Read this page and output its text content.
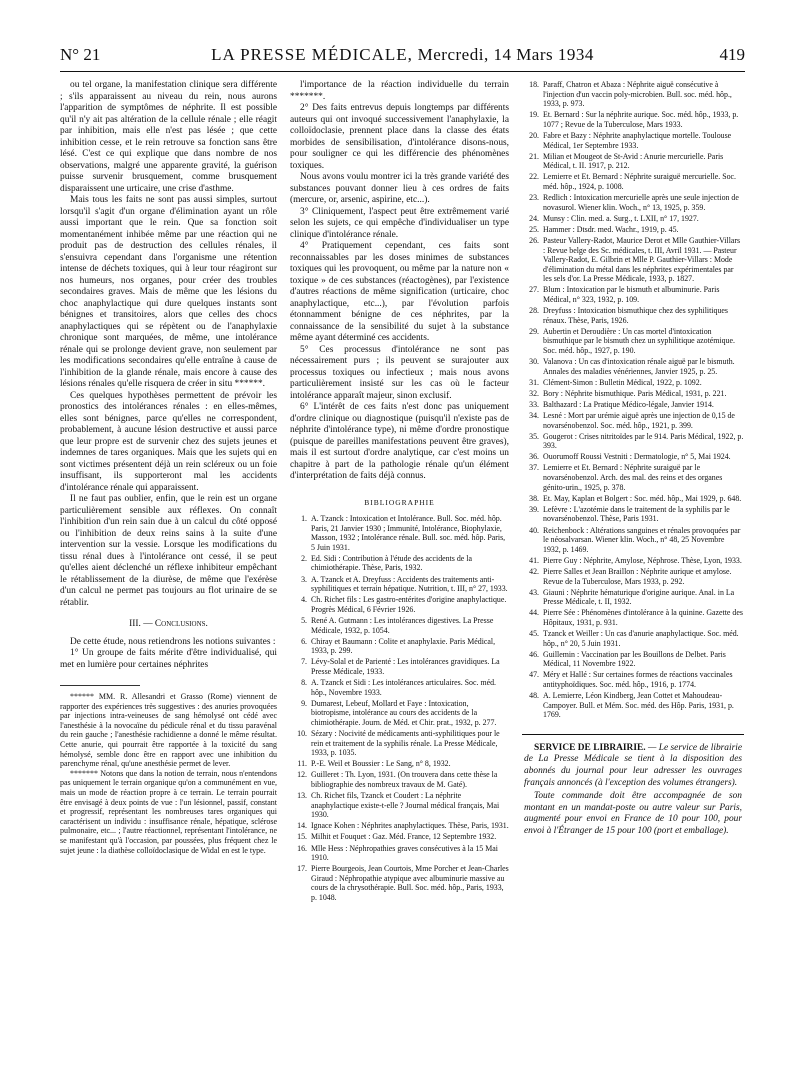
N° 21	LA PRESSE MÉDICALE, Mercredi, 14 Mars 1934	419

ou tel organe, la manifestation clinique sera différente ; s'ils apparaissent au niveau du rein, nous aurons l'apparition de symptômes de néphrite. Il est possible qu'il n'y ait pas altération de la cellule rénale ; elle réagit par inhibition, mais elle n'est pas lésée ; que cette inhibition cesse, et le rein retrouve sa fonction sans être lésé. C'est ce qui explique que dans nombre de nos observations, malgré une apparente gravité, la guérison puisse survenir brusquement, comme brusquement disparaissent une urticaire, une crise d'asthme.

Mais tous les faits ne sont pas aussi simples, surtout lorsqu'il s'agit d'un organe d'élimination ayant un rôle aussi important que le rein. Que sa fonction soit momentanément inhibée même par une réaction qui ne produit pas de destruction des cellules rénales, il s'ensuivra cependant dans l'organisme une rétention intense de déchets toxiques, qui à leur tour réagiront sur nos humeurs, nos organes, pour créer des troubles secondaires graves. Mais de même que les lésions du choc anaphylactique qui dure quelques instants sont bénignes et transitoires, alors que celles des chocs anaphylactiques qui se répètent ou de l'anaphylaxie chronique sont marquées, de même, une intolérance rénale qui se prolonge devient grave, non seulement par les modifications secondaires qu'elle entraîne à cause de l'inhibition de la glande rénale, mais encore à cause des lésions rénales qu'elle risquera de créer in situ ******.

Ces quelques hypothèses permettent de prévoir les pronostics des intolérances rénales : en elles-mêmes, elles sont bénignes, parce qu'elles ne correspondent, probablement, à aucune lésion destructive et aussi parce que leur propre est de survenir chez des sujets jeunes et indemnes de tares organiques. Mais que les sujets qui en sont victimes présentent déjà un rein scléreux ou un foie insuffisant, ils supporteront mal les accidents d'intolérance rénale qui apparaissent.

Il ne faut pas oublier, enfin, que le rein est un organe particulièrement sensible aux réflexes. On connaît l'inhibition d'un rein sain due à un calcul du côté opposé ou l'inhibition de deux reins sains à la suite d'une intervention sur la vessie. Lorsque les modifications du tissu rénal dues à l'intolérance ont cessé, il se peut qu'elles aient déclenché un réflexe inhibiteur empêchant le rétablissement de la diurèse, de même que l'exérèse d'un calcul ne permet pas toujours au flot urinaire de se rétablir.

III. — Conclusions.

De cette étude, nous retiendrons les notions suivantes :

1° Un groupe de faits mérite d'être individualisé, qui met en lumière pour certaines néphrites

****** MM. R. Allesandri et Grasso (Rome) viennent de rapporter des expériences très suggestives : des anuries provoquées par injections intra-veineuses de sang hémolysé ont cédé avec l'anesthésie à la novocaïne du pédicule rénal et du tissu paravénal du rein gauche ; l'anesthésie rachidienne a donné le même résultat. Cette anurie, qui pourrait être rapportée à la toxicité du sang hémolysé, semble donc être en rapport avec une inhibition du parenchyme rénal, qu'une anesthésie permet de lever.

******* Notons que dans la notion de terrain, nous n'entendons pas uniquement le terrain organique qu'on a communément en vue, mais un mode de réaction propre à ce terrain. Le terrain pourrait être envisagé à deux points de vue : l'un lésionnel, passif, constant et progressif, représentant les nombreuses tares organiques qui caractérisent un individu : insuffisance rénale, hépatique, sclérose pulmonaire, etc... ; l'autre réactionnel, représentant l'intolérance, ne se manifestant qu'à l'occasion, par poussées, plus fréquent chez le sujet jeune : la diathèse colloïdoclasique de Widal en est le type.

l'importance de la réaction individuelle du terrain *******.

2° Des faits entrevus depuis longtemps par différents auteurs qui ont invoqué successivement l'anaphylaxie, la colloïdoclasie, prennent place dans la classe des états morbides de sensibilisation, d'intolérance disons-nous, pour souligner ce qui les différencie des phénomènes toxiques.

Nous avons voulu montrer ici la très grande variété des substances pouvant donner lieu à ces ordres de faits (mercure, or, arsenic, aspirine, etc...).

3° Cliniquement, l'aspect peut être extrêmement varié selon les sujets, ce qui empêche d'individualiser un type clinique d'intolérance rénale.

4° Pratiquement cependant, ces faits sont reconnaissables par les doses minimes de substances toxiques qui les provoquent, ou même par la nature non « toxique » de ces substances (réactogènes), par l'existence d'autres réactions de même signification (urticaire, choc anaphylactique, etc...), par l'évolution parfois étonnamment bénigne de ces néphrites, par la connaissance de la sensibilité du sujet à la substance même ayant déterminé ces accidents.

5° Ces processus d'intolérance ne sont pas nécessairement purs ; ils peuvent se surajouter aux processus toxiques ou infectieux ; mais nous avons particulièrement insisté sur les cas où le facteur intolérance apparaît majeur, sinon exclusif.

6° L'intérêt de ces faits n'est donc pas uniquement d'ordre clinique ou diagnostique (puisqu'il n'existe pas de néphrite d'intolérance type), ni même d'ordre pronostique (puisque de pareilles manifestations peuvent être graves), mais il est surtout d'ordre analytique, car c'est moins un chapitre à part de la pathologie rénale qu'un élément d'interprétation de faits déjà connus.

BIBLIOGRAPHIE
1. A. Tzanck : Intoxication et Intolérance. Bull. Soc. méd. hôp. Paris, 21 Janvier 1930 ; Immunité, Intolérance, Biophylaxie, Masson, 1932 ; Intolérance rénale. Bull. soc. méd. hôp. Paris, 5 Juin 1931.
2. Ed. Sidi : Contribution à l'étude des accidents de la chimiothérapie. Thèse, Paris, 1932.
3. A. Tzanck et A. Dreyfuss : Accidents des traitements anti-syphilitiques et terrain hépatique. Nutrition, t. III, n° 27, 1933.
4. Ch. Richet fils : Les gastro-entérites d'origine anaphylactique. Progrès Médical, 6 Février 1926.
5. René A. Gutmann : Les intolérances digestives. La Presse Médicale, 1932, p. 1054.
6. Chiray et Baumann : Colite et anaphylaxie. Paris Médical, 1933, p. 299.
7. Lévy-Solal et de Parienté : Les intolérances gravidiques. La Presse Médicale, 1933.
8. A. Tzanck et Sidi : Les intolérances articulaires. Soc. méd. hôp., Novembre 1933.
9. Dumarest, Lebeuf, Mollard et Faye : Intoxication, biotropisme, intolérance au cours des accidents de la chimiothérapie. Journ. de Méd. et Chir. prat., 1932, p. 277.
10. Sézary : Nocivité de médicaments anti-syphilitiques pour le rein et traitement de la syphilis rénale. La Presse Médicale, 1933, p. 1035.
11. P.-E. Weil et Boussier : Le Sang, n° 8, 1932.
12. Guilleret : Th. Lyon, 1931. (On trouvera dans cette thèse la bibliographie des nombreux travaux de M. Gaté).
13. Ch. Richet fils, Tzanck et Coudert : La néphrite anaphylactique existe-t-elle ? Journal médical français, Mai 1930.
14. Ignace Kohen : Néphrites anaphylactiques. Thèse, Paris, 1931.
15. Milhit et Fouquet : Gaz. Méd. France, 12 Septembre 1932.
16. Mlle Hess : Néphropathies graves consécutives à la 15 Mai 1910.
17. Pierre Bourgeois, Jean Courtois, Mme Porcher et Jean-Charles Giraud : Néphropathie atypique avec albuminurie massive au cours de la chrysothérapie. Bull. Soc. méd. hôp., Paris, 1933, p. 1048.
18. Paraff, Chatron et Abaza : Néphrite aiguë consécutive à l'injection d'un vaccin poly-microbien. Bull. soc. méd. hôp., 1933, p. 973.
19. Et. Bernard : Sur la néphrite aurique. Soc. méd. hôp., 1933, p. 1077 ; Revue de la Tuberculose, Mars 1933.
20. Fabre et Bazy : Néphrite anaphylactique mortelle. Toulouse Médical, 1er Septembre 1933.
21. Milian et Mougeot de St-Avid : Anurie mercurielle. Paris Médical, t. II. 1917, p. 212.
22. Lemierre et Et. Bernard : Néphrite suraiguë mercurielle. Soc. méd. hôp., 1924, p. 1008.
23. Redlich : Intoxication mercurielle après une seule injection de novasurol. Wiener klin. Woch., n° 13, 1925, p. 359.
24. Munsy : Clin. med. a. Surg., t. LXII, n° 17, 1927.
25. Hammer : Dtsdr. med. Wachr., 1919, p. 45.
26. Pasteur Vallery-Radot, Maurice Derot et Mlle Gauthier-Villars : Revue belge des Sc. médicales, t. III, Avril 1931. — Pasteur Vallery-Radot, E. Gilbrin et Mlle P. Gauthier-Villars : Mode d'élimination du métal dans les néphrites expérimentales par les sels d'or. La Presse Médicale, 1933, p. 1827.
27. Blum : Intoxication par le bismuth et albuminurie. Paris Médical, n° 323, 1932, p. 109.
28. Dreyfuss : Intoxication bismuthique chez des syphilitiques rénaux. Thèse, Paris, 1926.
29. Aubertin et Deroudière : Un cas mortel d'intoxication bismuthique par le bismuth chez un syphilitique azotémique. Soc. méd. hôp., 1927, p. 190.
30. Valanova : Un cas d'intoxication rénale aiguë par le bismuth. Annales des maladies vénériennes, Janvier 1925, p. 25.
31. Clément-Simon : Bulletin Médical, 1922, p. 1092.
32. Bory : Néphrite bismuthique. Paris Médical, 1931, p. 221.
33. Balthazard : La Pratique Médico-légale, Janvier 1914.
34. Lesné : Mort par urémie aiguë après une injection de 0,15 de novarsénobenzol. Soc. méd. hôp., 1921, p. 399.
35. Gougerot : Crises nitritoïdes par le 914. Paris Médical, 1922, p. 393.
36. Ouorumoff Roussi Vestniti : Dermatologie, n° 5, Mai 1924.
37. Lemierre et Et. Bernard : Néphrite suraiguë par le novarsénobenzol. Arch. des mal. des reins et des organes génito-urin., 1925, p. 378.
38. Et. May, Kaplan et Bolgert : Soc. méd. hôp., Mai 1929, p. 648.
39. Lefèvre : L'azotémie dans le traitement de la syphilis par le novarsénobenzol. Thèse, Paris 1931.
40. Reichenbock : Altérations sanguines et rénales provoquées par le néosalvarsan. Wiener klin. Woch., n° 48, 25 Novembre 1932, p. 1469.
41. Pierre Guy : Néphrite, Amylose, Néphrose. Thèse, Lyon, 1933.
42. Pierre Salles et Jean Braillon : Néphrite aurique et amylose. Revue de la Tuberculose, Mars 1933, p. 292.
43. Giauni : Néphrite hématurique d'origine aurique. Anal. in La Presse Médicale, t. II, 1932.
44. Pierre Sée : Phénomènes d'intolérance à la quinine. Gazette des Hôpitaux, 1931, p. 931.
45. Tzanck et Weiller : Un cas d'anurie anaphylactique. Soc. méd. hôp., n° 20, 5 Juin 1931.
46. Guillemin : Vaccination par les Bouillons de Delbet. Paris Médical, 11 Novembre 1922.
47. Méry et Hallé : Sur certaines formes de réactions vaccinales antityphoïdiques. Soc. méd. hôp., 1916, p. 1774.
48. A. Lemierre, Léon Kindberg, Jean Cottet et Mahoudeau-Campoyer. Bull. et Mém. Soc. méd. des Hôp. Paris, 1931, p. 1769.

SERVICE DE LIBRAIRIE. — Le service de librairie de La Presse Médicale se tient à la disposition des abonnés du journal pour leur adresser les ouvrages français annoncés (à l'exception des volumes étrangers).

Toute commande doit être accompagnée de son montant en un mandat-poste ou autre valeur sur Paris, augmenté pour envoi en France de 10 pour 100, pour envoi à l'Étranger de 15 pour 100 (port et emballage).
